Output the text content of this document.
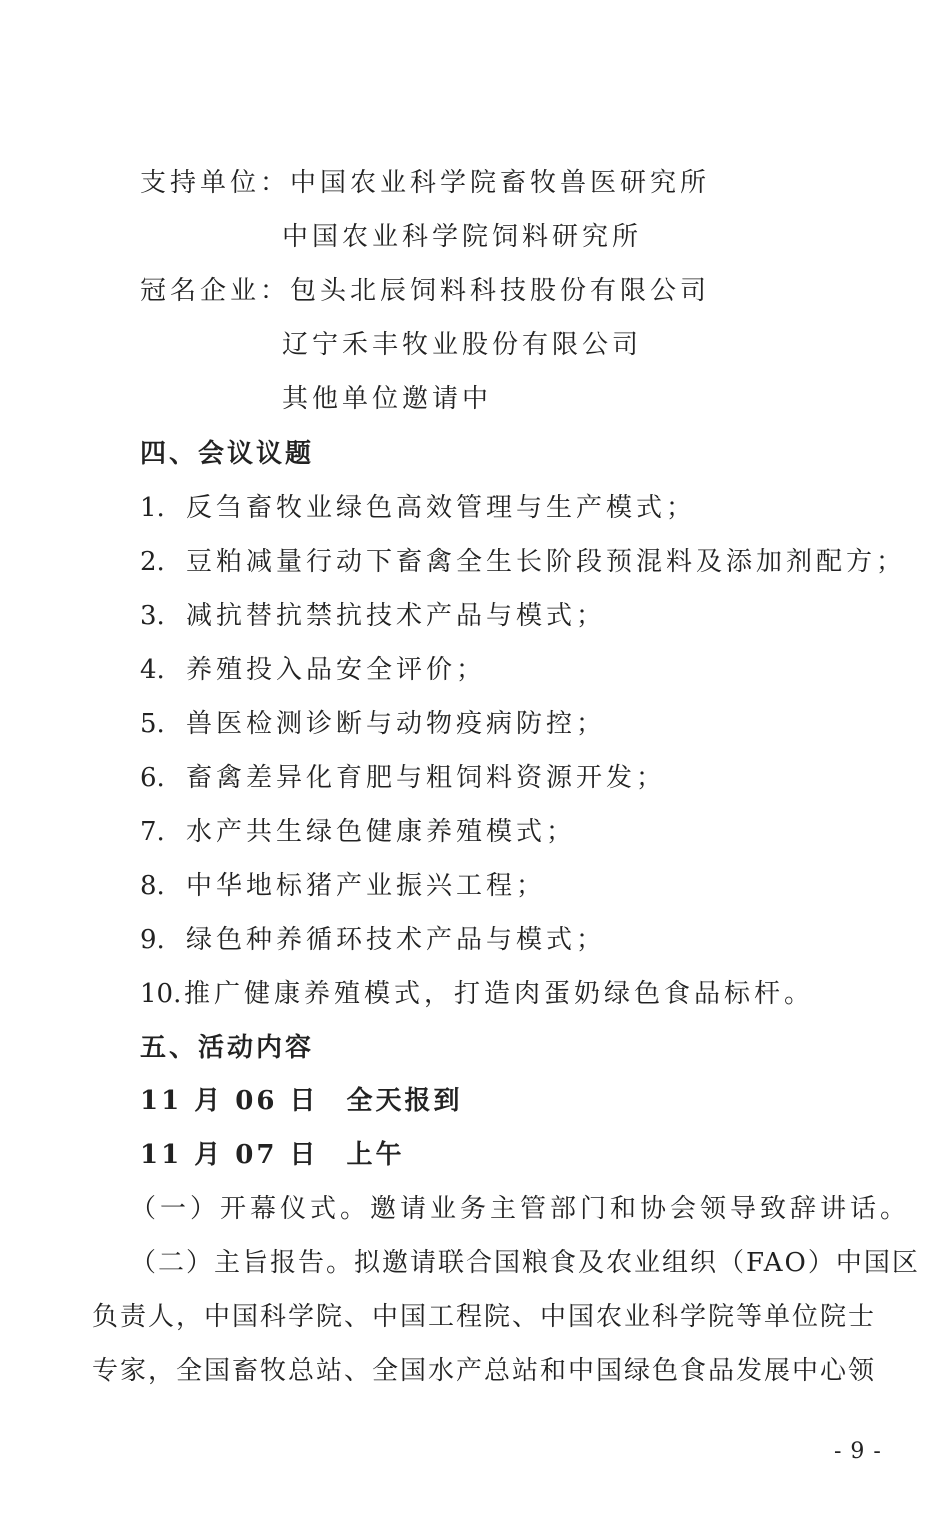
支持单位：中国农业科学院畜牧兽医研究所
中国农业科学院饲料研究所
冠名企业：包头北辰饲料科技股份有限公司
辽宁禾丰牧业股份有限公司
其他单位邀请中
四、会议议题
1. 反刍畜牧业绿色高效管理与生产模式；
2. 豆粕减量行动下畜禽全生长阶段预混料及添加剂配方；
3. 减抗替抗禁抗技术产品与模式；
4. 养殖投入品安全评价；
5. 兽医检测诊断与动物疫病防控；
6. 畜禽差异化育肥与粗饲料资源开发；
7. 水产共生绿色健康养殖模式；
8. 中华地标猪产业振兴工程；
9. 绿色种养循环技术产品与模式；
10. 推广健康养殖模式，打造肉蛋奶绿色食品标杆。
五、活动内容
11 月 06 日 全天报到
11 月 07 日 上午
（一）开幕仪式。邀请业务主管部门和协会领导致辞讲话。
（二）主旨报告。拟邀请联合国粮食及农业组织（FAO）中国区
负责人，中国科学院、中国工程院、中国农业科学院等单位院士
专家，全国畜牧总站、全国水产总站和中国绿色食品发展中心领
- 9 -
